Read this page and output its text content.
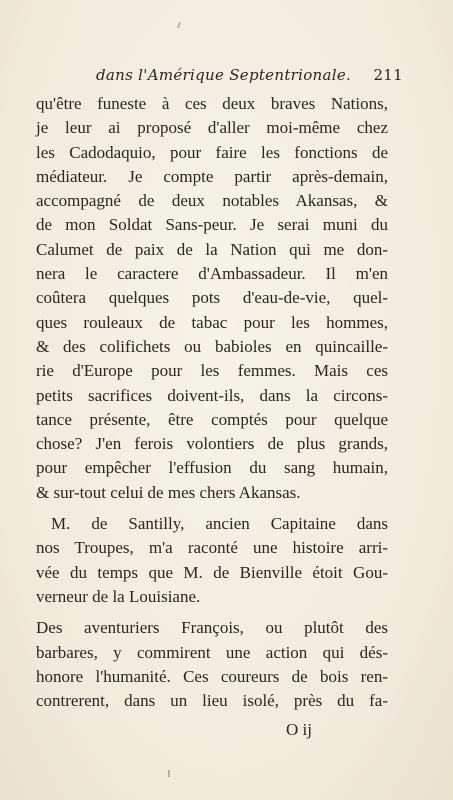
dans l'Amérique Septentrionale. 211
qu'être funeste à ces deux braves Nations,
je leur ai proposé d'aller moi-même chez
les Cadodaquio, pour faire les fonctions de
médiateur. Je compte partir après-demain,
accompagné de deux notables Akansas, &
de mon Soldat Sans-peur. Je serai muni du
Calumet de paix de la Nation qui me don-
nera le caractere d'Ambassadeur. Il m'en
coûtera quelques pots d'eau-de-vie, quel-
ques rouleaux de tabac pour les hommes,
& des colifichets ou babioles en quincaille-
rie d'Europe pour les femmes. Mais ces
petits sacrifices doivent-ils, dans la circons-
tance présente, être comptés pour quelque
chose? J'en ferois volontiers de plus grands,
pour empêcher l'effusion du sang humain,
& sur-tout celui de mes chers Akansas.
M. de Santilly, ancien Capitaine dans
nos Troupes, m'a raconté une histoire arri-
vée du temps que M. de Bienville étoit Gou-
verneur de la Louisiane.
Des aventuriers François, ou plutôt des
barbares, y commirent une action qui dés-
honore l'humanité. Ces coureurs de bois ren-
contrerent, dans un lieu isolé, près du fa-
O ij
